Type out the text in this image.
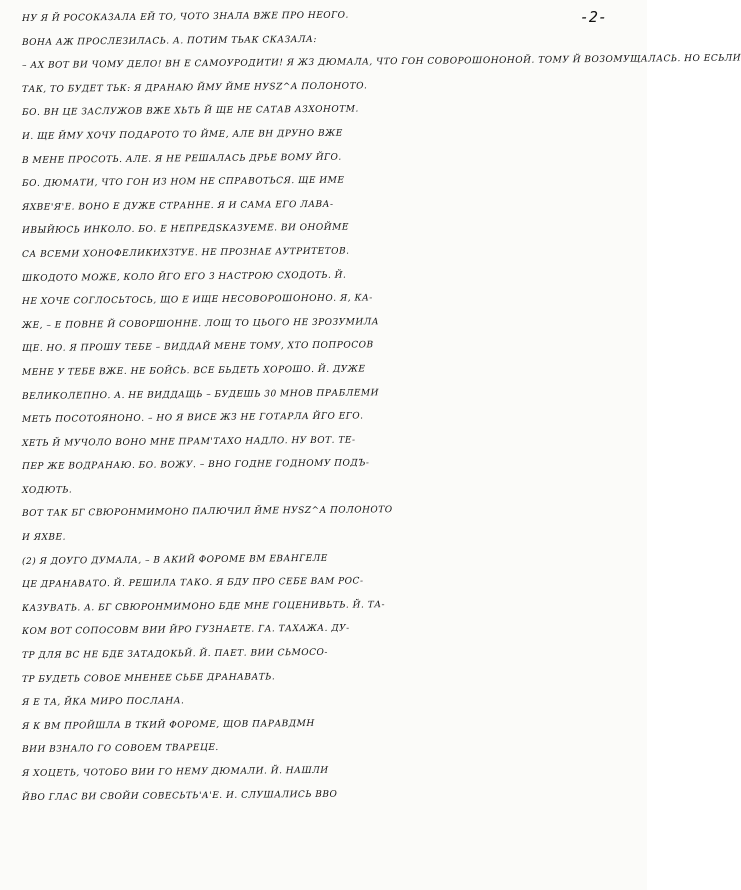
-2-
НУ Я Й РОСОКАЗАЛА ЕЙ ТО, ЧОТО ЗНАЛА ВЖЕ ПРО НЕОГО.
ВОНА АЖ ПРОСЛЕЗИЛАСЬ. А. ПОТИМ ТЬАК СКАЗАЛА:
– АХ ВОТ ВИ ЧОМУ ДЕЛО! ВН Е САМОУРОДИТИ! Я ЖЗ ДЮМАЛА, ЧТО ГОН СОВОРОШОНОНОЙ. ТОМУ Й ВОЗОМУЩАЛАСЬ. НО ЕСЬЛИ
ТАК, ТО БУДЕТ ТЬК: Я ДРАНАЮ ЙМУ ЙМЕ НУSZ^A ПОЛОНОТО.
БО. ВН ЦЕ ЗАСЛУЖОВ ВЖЕ ХЬТЬ Й ЩЕ НЕ САТАВ АЗХОНОТМ.
И. ЩЕ ЙМУ ХОЧУ ПОДАРОТО ТО ЙМЕ, АЛЕ ВН ДРУНО ВЖЕ
В МЕНЕ ПРОСОТЬ. АЛЕ. Я НЕ РЕШАЛАСЬ ДРЬЕ ВОМУ ЙГО.
БО. ДЮМАТИ, ЧТО ГОН ИЗ НОМ НЕ СПРАВОТЬСЯ. ЩЕ ИМЕ
ЯХВЕ'Я'Е. ВОНО Е ДУЖЕ СТРАННЕ. Я И САМА ЕГО ЛАВА-
ИВЫЙЮСЬ ИНКОЛО. БО. Е НЕПРЕДSКАЗУЕМЕ. ВИ ОНОЙМЕ
СА ВСЕМИ ХОНОФЕЛИКИХЗТУЕ. НЕ ПРОЗНАЕ АУТРИТЕТОВ.
ШКОДОТО МОЖЕ, КОЛО ЙГО ЕГО З НАСТРОЮ СХОДОТЬ. Й.
НЕ ХОЧЕ СОГЛОСЬТОСЬ, ЩО Е ИЩЕ НЕСОВОРОШОНОНО. Я, КА-
ЖЕ, – Е ПОВНЕ Й СОВОРШОННЕ. ЛОЩ ТО ЦЬОГО НЕ ЗРОЗУМИЛА
ЩЕ. НО. Я ПРОШУ ТЕБЕ – ВИДДАЙ МЕНЕ ТОМУ, ХТО ПОПРОСОВ
МЕНЕ У ТЕБЕ ВЖЕ. НЕ БОЙСЬ. ВСЕ БЬДЕТЬ ХОРОШО. Й. ДУЖЕ
ВЕЛИКОЛЕПНО. А. НЕ ВИДДАЩЬ – БУДЕШЬ 30 МНОВ ПРАБЛЕМИ
МЕТЬ ПОСОТОЯНОНО. – НО Я ВИСЕ ЖЗ НЕ ГОТАРЛА ЙГО ЕГО.
ХЕТЬ Й МУЧОЛО ВОНО МНЕ ПРАМ'ТАХО НАДЛО. НУ ВОТ. ТЕ-
ПЕР ЖЕ ВОДРАНАЮ. БО. ВОЖУ. – ВНО ГОДНЕ ГОДНОМУ ПОДЪ-
ХОДЮТЬ.
ВОТ ТАК БГ СВЮРОНМИМОНО ПАЛЮЧИЛ ЙМЕ НУSZ^A ПОЛОНОТО
И ЯХВЕ.
(2) Я ДОУГО ДУМАЛА, – В АКИЙ ФОРОМЕ ВМ ЕВАНГЕЛЕ
ЦЕ ДРАНАВАТО. Й. РЕШИЛА ТАКО. Я БДУ ПРО СЕБЕ ВАМ РОС-
КАЗУВАТЬ. А. БГ СВЮРОНМИМОНО БДЕ МНЕ ГОЦЕНИВЬТЬ. Й. ТА-
КОМ ВОТ СОПОСОВМ ВИИ ЙРО ГУЗНАЕТЕ. ГА. ТАХАЖА. ДУ-
ТР ДЛЯ ВС НЕ БДЕ ЗАТАДОКЬЙ. Й. ПАЕТ. ВИИ СЬМОСО-
ТР БУДЕТЬ СОВОЕ МНЕНЕЕ СЬБЕ ДРАНАВАТЬ.
Я Е ТА, ЙКА МИРО ПОСЛАНА.
Я К ВМ ПРОЙШЛА В ТКИЙ ФОРОМЕ, ЩОВ ПАРАВДМН
ВИИ ВЗНАЛО ГО СОВОЕМ ТВАРЕЦЕ.
Я ХОЦЕТЬ, ЧОТОБО ВИИ ГО НЕМУ ДЮМАЛИ. Й. НАШЛИ
ЙВО ГЛАС ВИ СВОЙИ СОВЕСЬТЬ'А'Е. И. СЛУШАЛИСЬ ВВО
